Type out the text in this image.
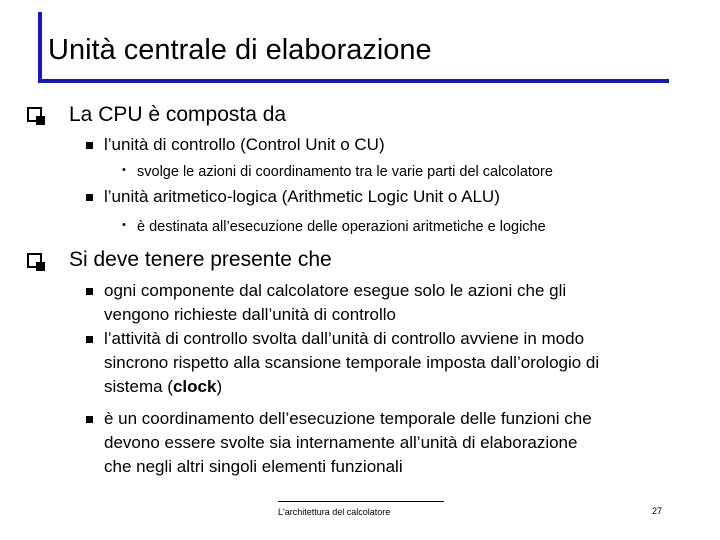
Unità centrale di elaborazione
La CPU è composta da
l’unità di controllo (Control Unit o CU)
• svolge le azioni di coordinamento tra le varie parti del calcolatore
l’unità aritmetico-logica (Arithmetic Logic Unit o ALU)
• è destinata all’esecuzione delle operazioni aritmetiche e logiche
Si deve tenere presente che
ogni componente dal calcolatore esegue solo le azioni che gli
vengono richieste dall’unità di controllo
l’attività di controllo svolta dall’unità di controllo avviene in modo
sincrono rispetto alla scansione temporale imposta dall’orologio di
sistema (clock)
è un coordinamento dell’esecuzione temporale delle funzioni che
devono essere svolte sia internamente all’unità di elaborazione
che negli altri singoli elementi funzionali
L'architettura del calcolatore	27
